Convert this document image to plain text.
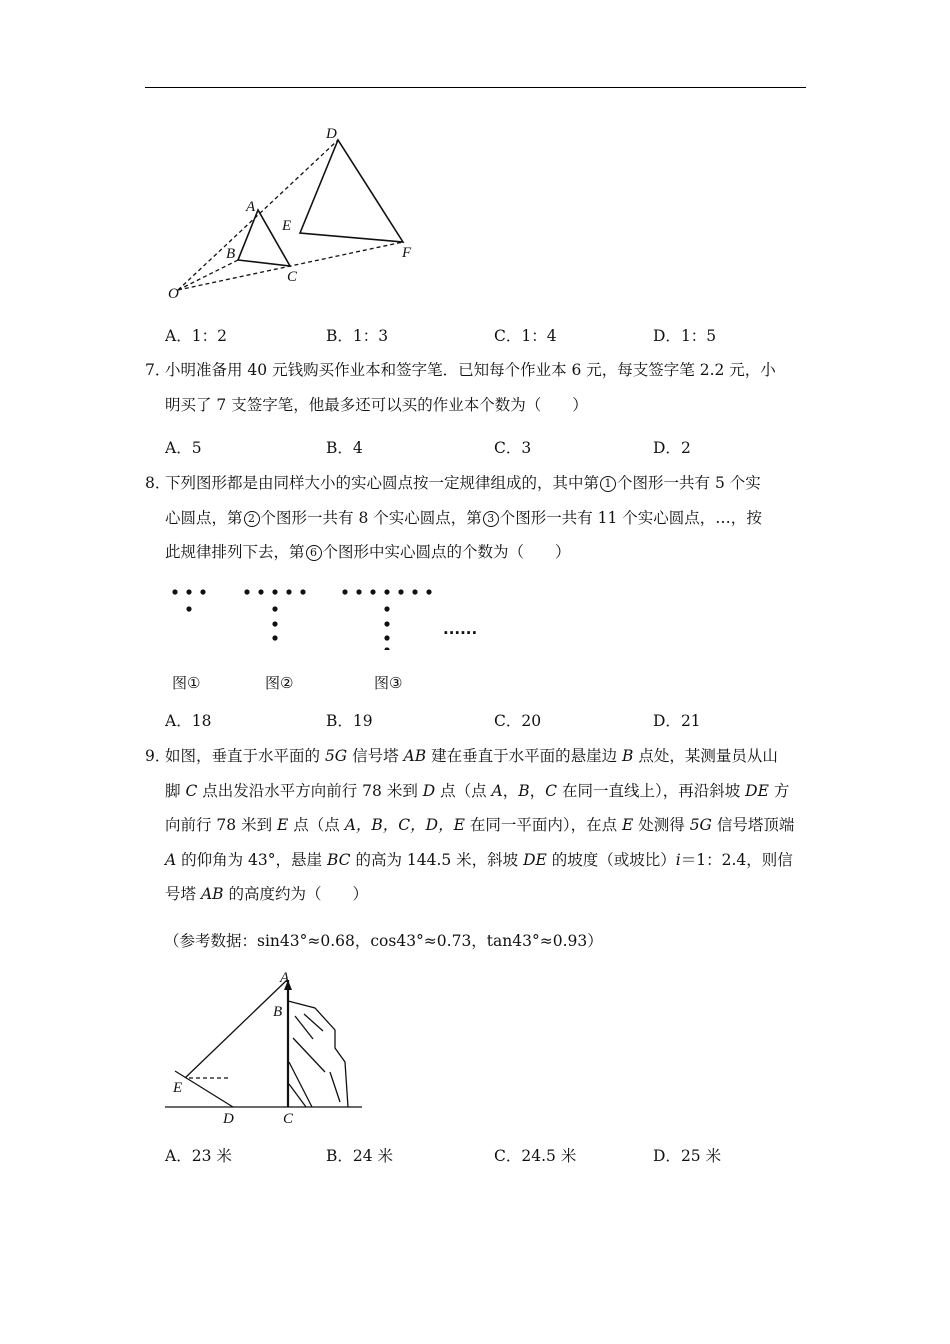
D
A
E
B
C
F
O
A．1：2	B．1：3	C．1：4	D．1：5

7．小明准备用 40 元钱购买作业本和签字笔．已知每个作业本 6 元，每支签字笔 2.2 元，小

明买了 7 支签字笔，他最多还可以买的作业本个数为（　　）

A．5	B．4	C．3	D．2

8．下列图形都是由同样大小的实心圆点按一定规律组成的，其中第 1 个图形一共有 5 个实

心圆点，第 2 个图形一共有 8 个实心圆点，第 3 个图形一共有 11 个实心圆点，…，按

此规律排列下去，第 6 个图形中实心圆点的个数为（　　）

......
图①	图②	图③
A．18	B．19	C．20	D．21

9．如图，垂直于水平面的 5G 信号塔 AB 建在垂直于水平面的悬崖边 B 点处，某测量员从山

脚 C 点出发沿水平方向前行 78 米到 D 点（点 A，B，C 在同一直线上），再沿斜坡 DE 方

向前行 78 米到 E 点（点 A，B，C，D，E 在同一平面内），在点 E 处测得 5G 信号塔顶端

A 的仰角为 43°，悬崖 BC 的高为 144.5 米，斜坡 DE 的坡度（或坡比）i＝1：2.4，则信

号塔 AB 的高度约为（　　）

（参考数据：sin43°≈0.68，cos43°≈0.73，tan43°≈0.93）
A
B
E
D	C
A．23 米	B．24 米	C．24.5 米	D．25 米
